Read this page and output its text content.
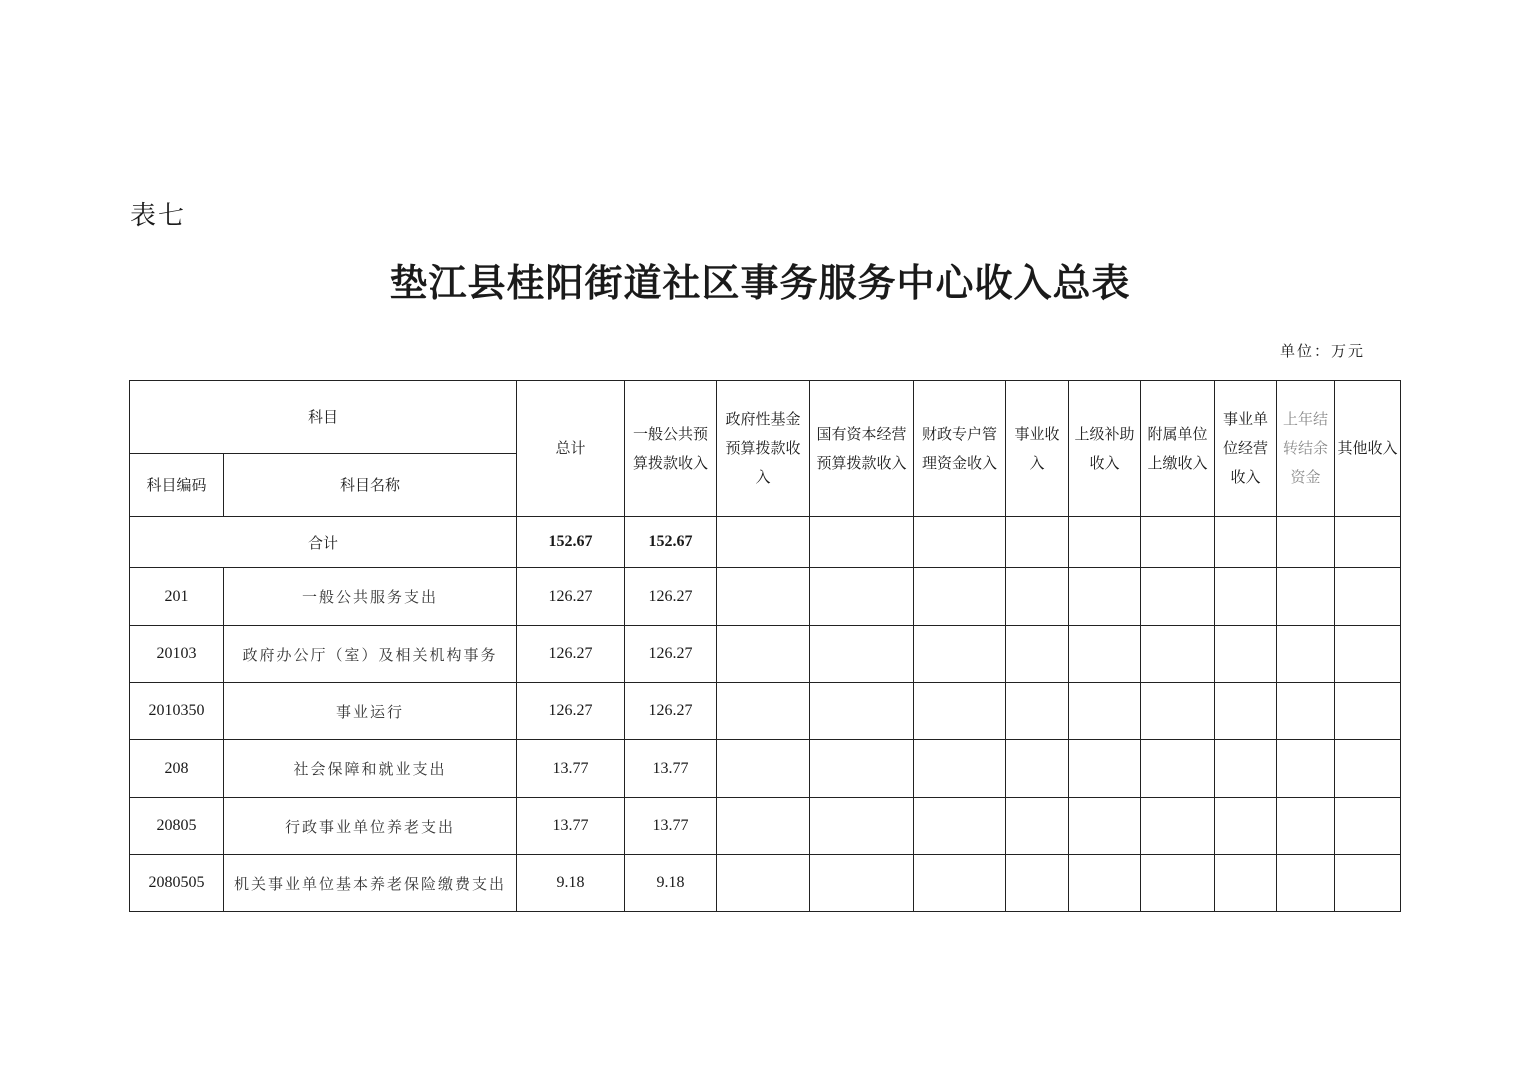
表七
垫江县桂阳街道社区事务服务中心收入总表
单位：万元
科目		总计	一般公共预算拨款收入	政府性基金预算拨款收入	国有资本经营预算拨款收入	财政专户管理资金收入	事业收入	上级补助收入	附属单位上缴收入	事业单位经营收入	上年结转结余资金	其他收入
科目编码	科目名称											
合计		152.67	152.67									
201	一般公共服务支出	126.27	126.27									
20103	政府办公厅（室）及相关机构事务	126.27	126.27									
2010350	事业运行	126.27	126.27									
208	社会保障和就业支出	13.77	13.77									
20805	行政事业单位养老支出	13.77	13.77									
2080505	机关事业单位基本养老保险缴费支出	9.18	9.18									
